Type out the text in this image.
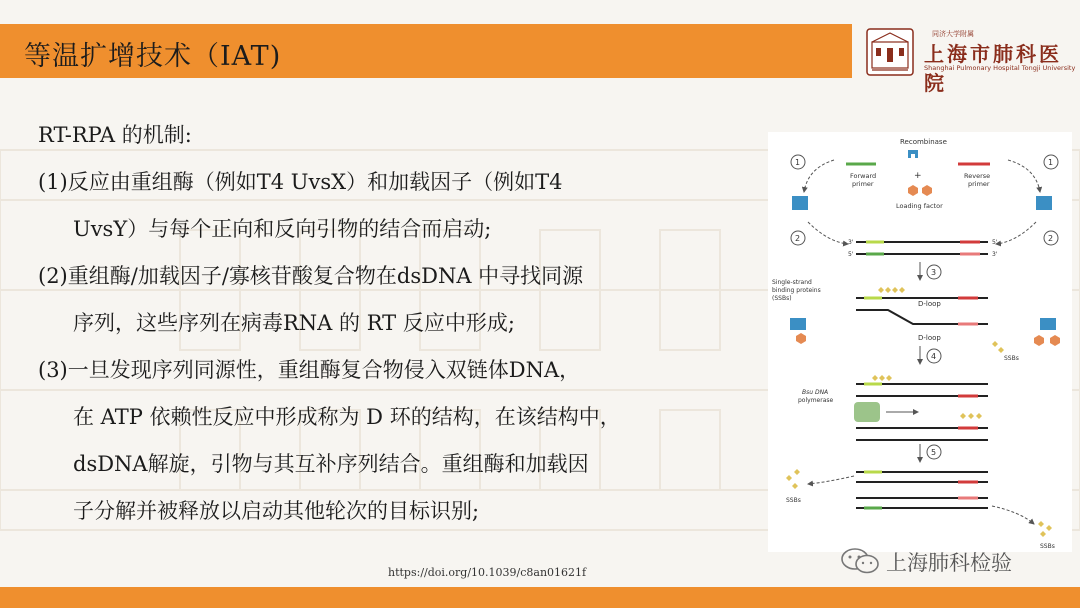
等温扩增技术（IAT)
同济大学附属
上海市肺科医院
Shanghai Pulmonary Hospital Tongji University
RT-RPA 的机制:
(1)反应由重组酶（例如T4 UvsX）和加载因子（例如T4
UvsY）与每个正向和反向引物的结合而启动;
(2)重组酶/加载因子/寡核苷酸复合物在dsDNA 中寻找同源
序列，这些序列在病毒RNA 的 RT 反应中形成;
(3)一旦发现序列同源性，重组酶复合物侵入双链体DNA，
在 ATP 依赖性反应中形成称为 D 环的结构，在该结构中，
dsDNA解旋，引物与其互补序列结合。重组酶和加载因
子分解并被释放以启动其他轮次的目标识别;
https://doi.org/10.1039/c8an01621f
Recombinase
Forward
primer
Reverse
primer
+
Loading factor
1	1
2	2
3'
5'
5'
3'
3
Single-strand
binding proteins
(SSBs)
D-loop
D-loop
SSBs
4
Bsu DNA
polymerase
5
SSBs
SSBs
上海肺科检验
